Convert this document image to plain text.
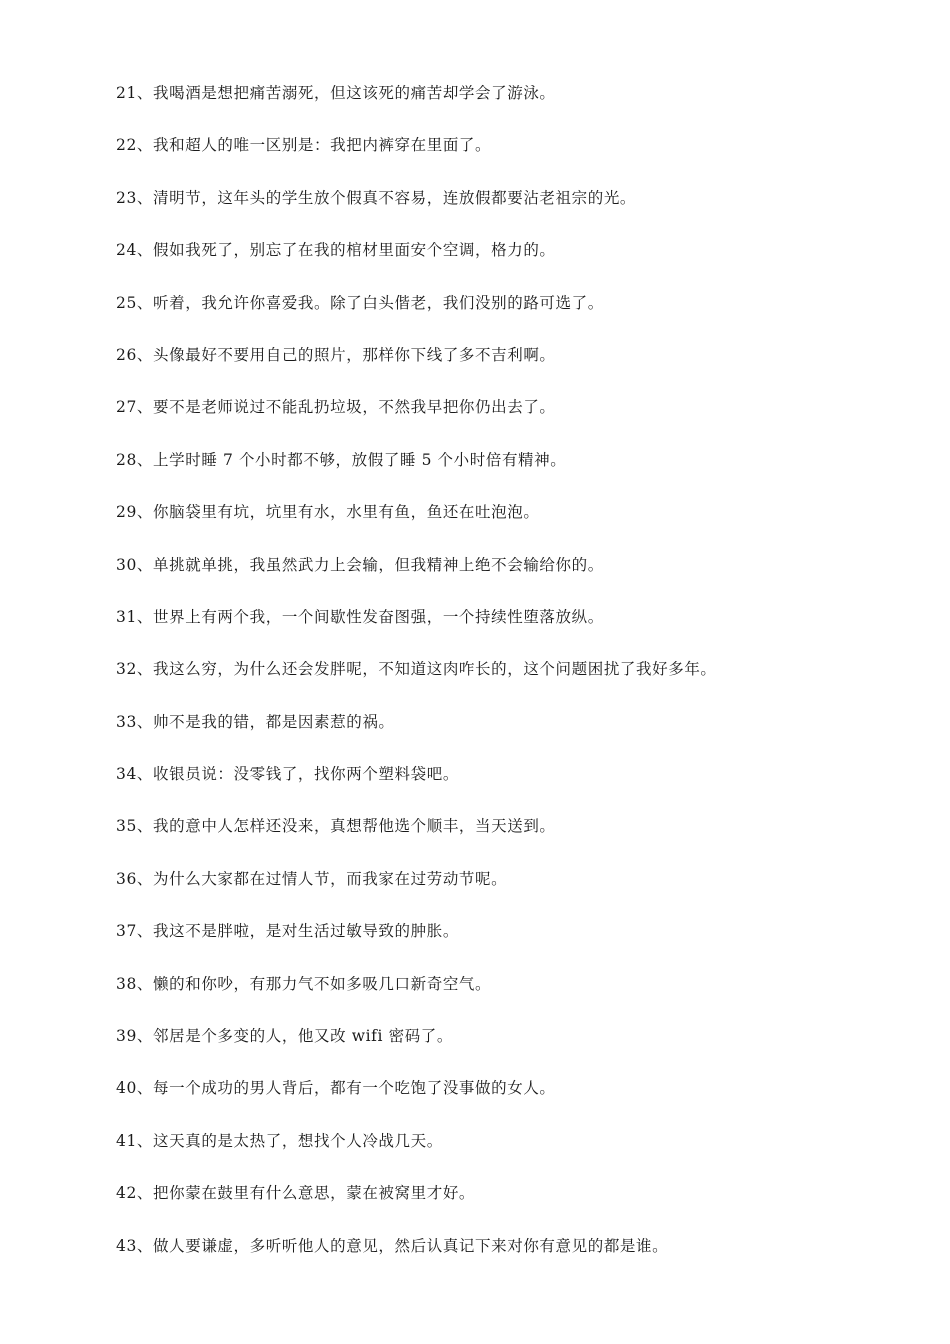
21、我喝酒是想把痛苦溺死，但这该死的痛苦却学会了游泳。
22、我和超人的唯一区别是：我把内裤穿在里面了。
23、清明节，这年头的学生放个假真不容易，连放假都要沾老祖宗的光。
24、假如我死了，别忘了在我的棺材里面安个空调，格力的。
25、听着，我允许你喜爱我。除了白头偕老，我们没别的路可选了。
26、头像最好不要用自己的照片，那样你下线了多不吉利啊。
27、要不是老师说过不能乱扔垃圾，不然我早把你仍出去了。
28、上学时睡 7 个小时都不够，放假了睡 5 个小时倍有精神。
29、你脑袋里有坑，坑里有水，水里有鱼，鱼还在吐泡泡。
30、单挑就单挑，我虽然武力上会输，但我精神上绝不会输给你的。
31、世界上有两个我，一个间歇性发奋图强，一个持续性堕落放纵。
32、我这么穷，为什么还会发胖呢，不知道这肉咋长的，这个问题困扰了我好多年。
33、帅不是我的错，都是因素惹的祸。
34、收银员说：没零钱了，找你两个塑料袋吧。
35、我的意中人怎样还没来，真想帮他选个顺丰，当天送到。
36、为什么大家都在过情人节，而我家在过劳动节呢。
37、我这不是胖啦，是对生活过敏导致的肿胀。
38、懒的和你吵，有那力气不如多吸几口新奇空气。
39、邻居是个多变的人，他又改 wifi 密码了。
40、每一个成功的男人背后，都有一个吃饱了没事做的女人。
41、这天真的是太热了，想找个人冷战几天。
42、把你蒙在鼓里有什么意思，蒙在被窝里才好。
43、做人要谦虚，多听听他人的意见，然后认真记下来对你有意见的都是谁。
